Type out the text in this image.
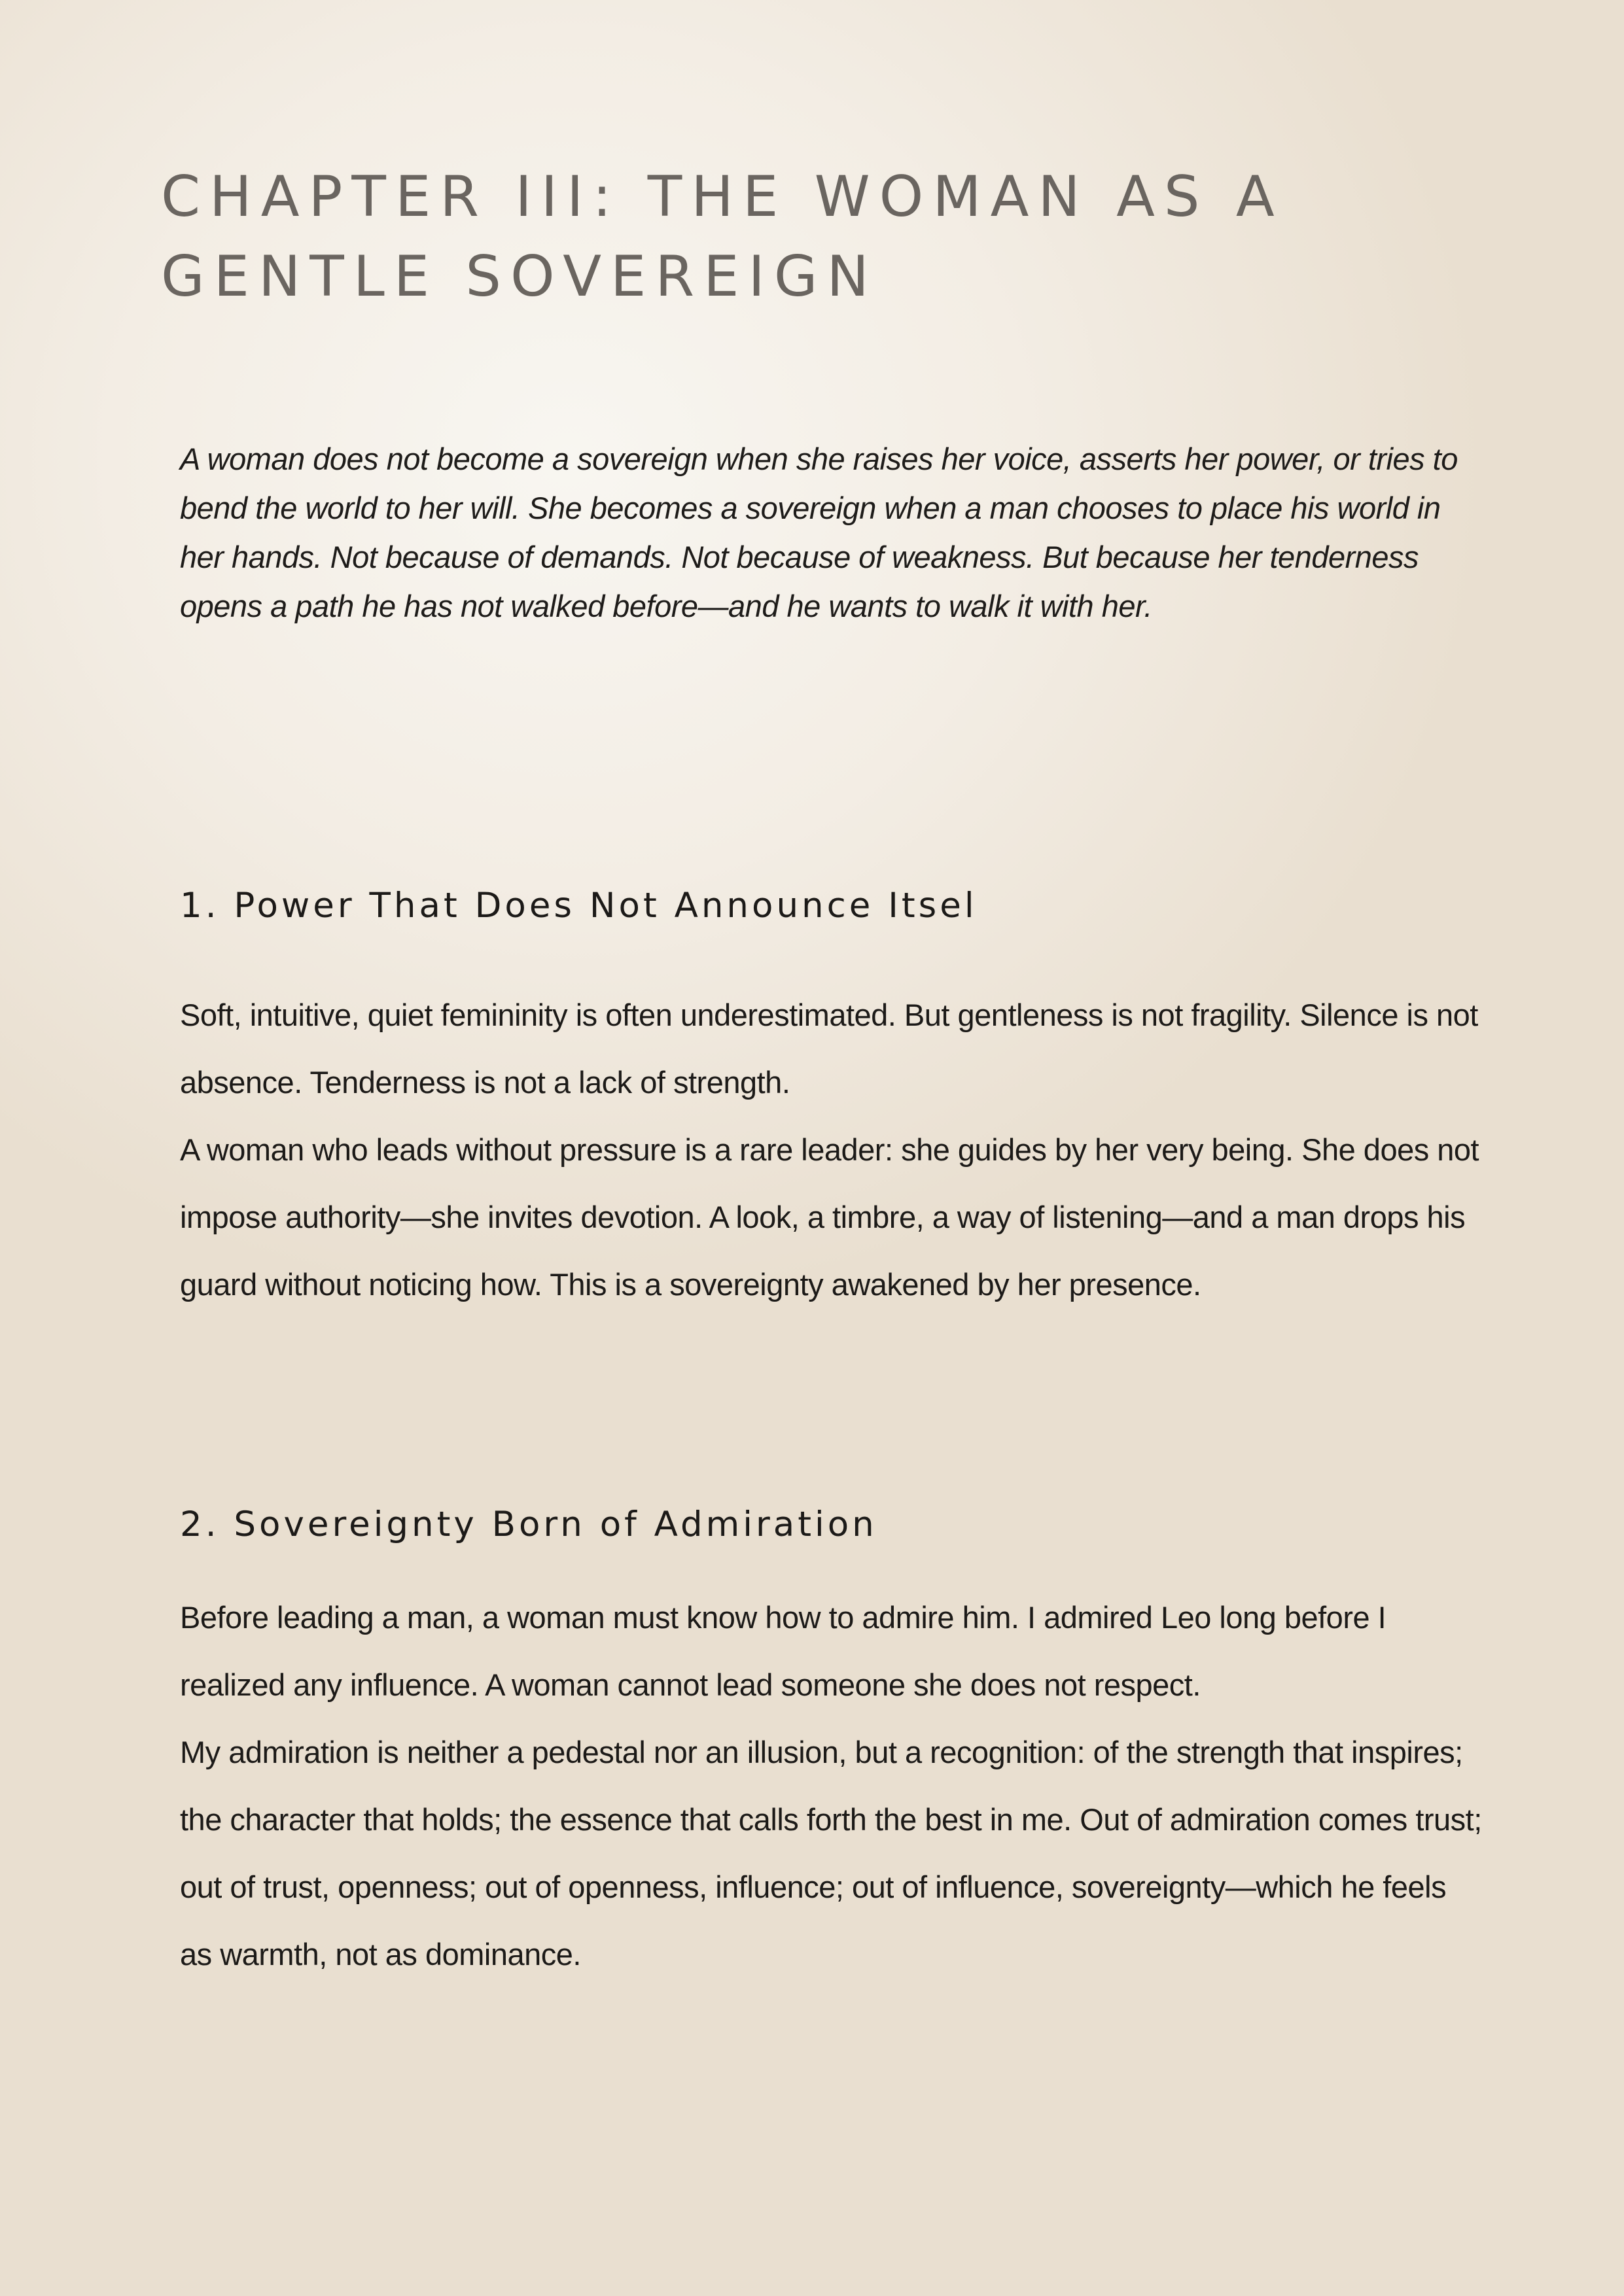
CHAPTER III: THE WOMAN AS A GENTLE SOVEREIGN

A woman does not become a sovereign when she raises her voice, asserts her power, or tries to bend the world to her will. She becomes a sovereign when a man chooses to place his world in her hands. Not because of demands. Not because of weakness. But because her tenderness opens a path he has not walked before—and he wants to walk it with her.

1. Power That Does Not Announce Itsel

Soft, intuitive, quiet femininity is often underestimated. But gentleness is not fragility. Silence is not absence. Tenderness is not a lack of strength.

A woman who leads without pressure is a rare leader: she guides by her very being. She does not impose authority—she invites devotion. A look, a timbre, a way of listening—and a man drops his guard without noticing how. This is a sovereignty awakened by her presence.

2. Sovereignty Born of Admiration

Before leading a man, a woman must know how to admire him. I admired Leo long before I realized any influence. A woman cannot lead someone she does not respect.

My admiration is neither a pedestal nor an illusion, but a recognition: of the strength that inspires; the character that holds; the essence that calls forth the best in me. Out of admiration comes trust; out of trust, openness; out of openness, influence; out of influence, sovereignty—which he feels as warmth, not as dominance.
